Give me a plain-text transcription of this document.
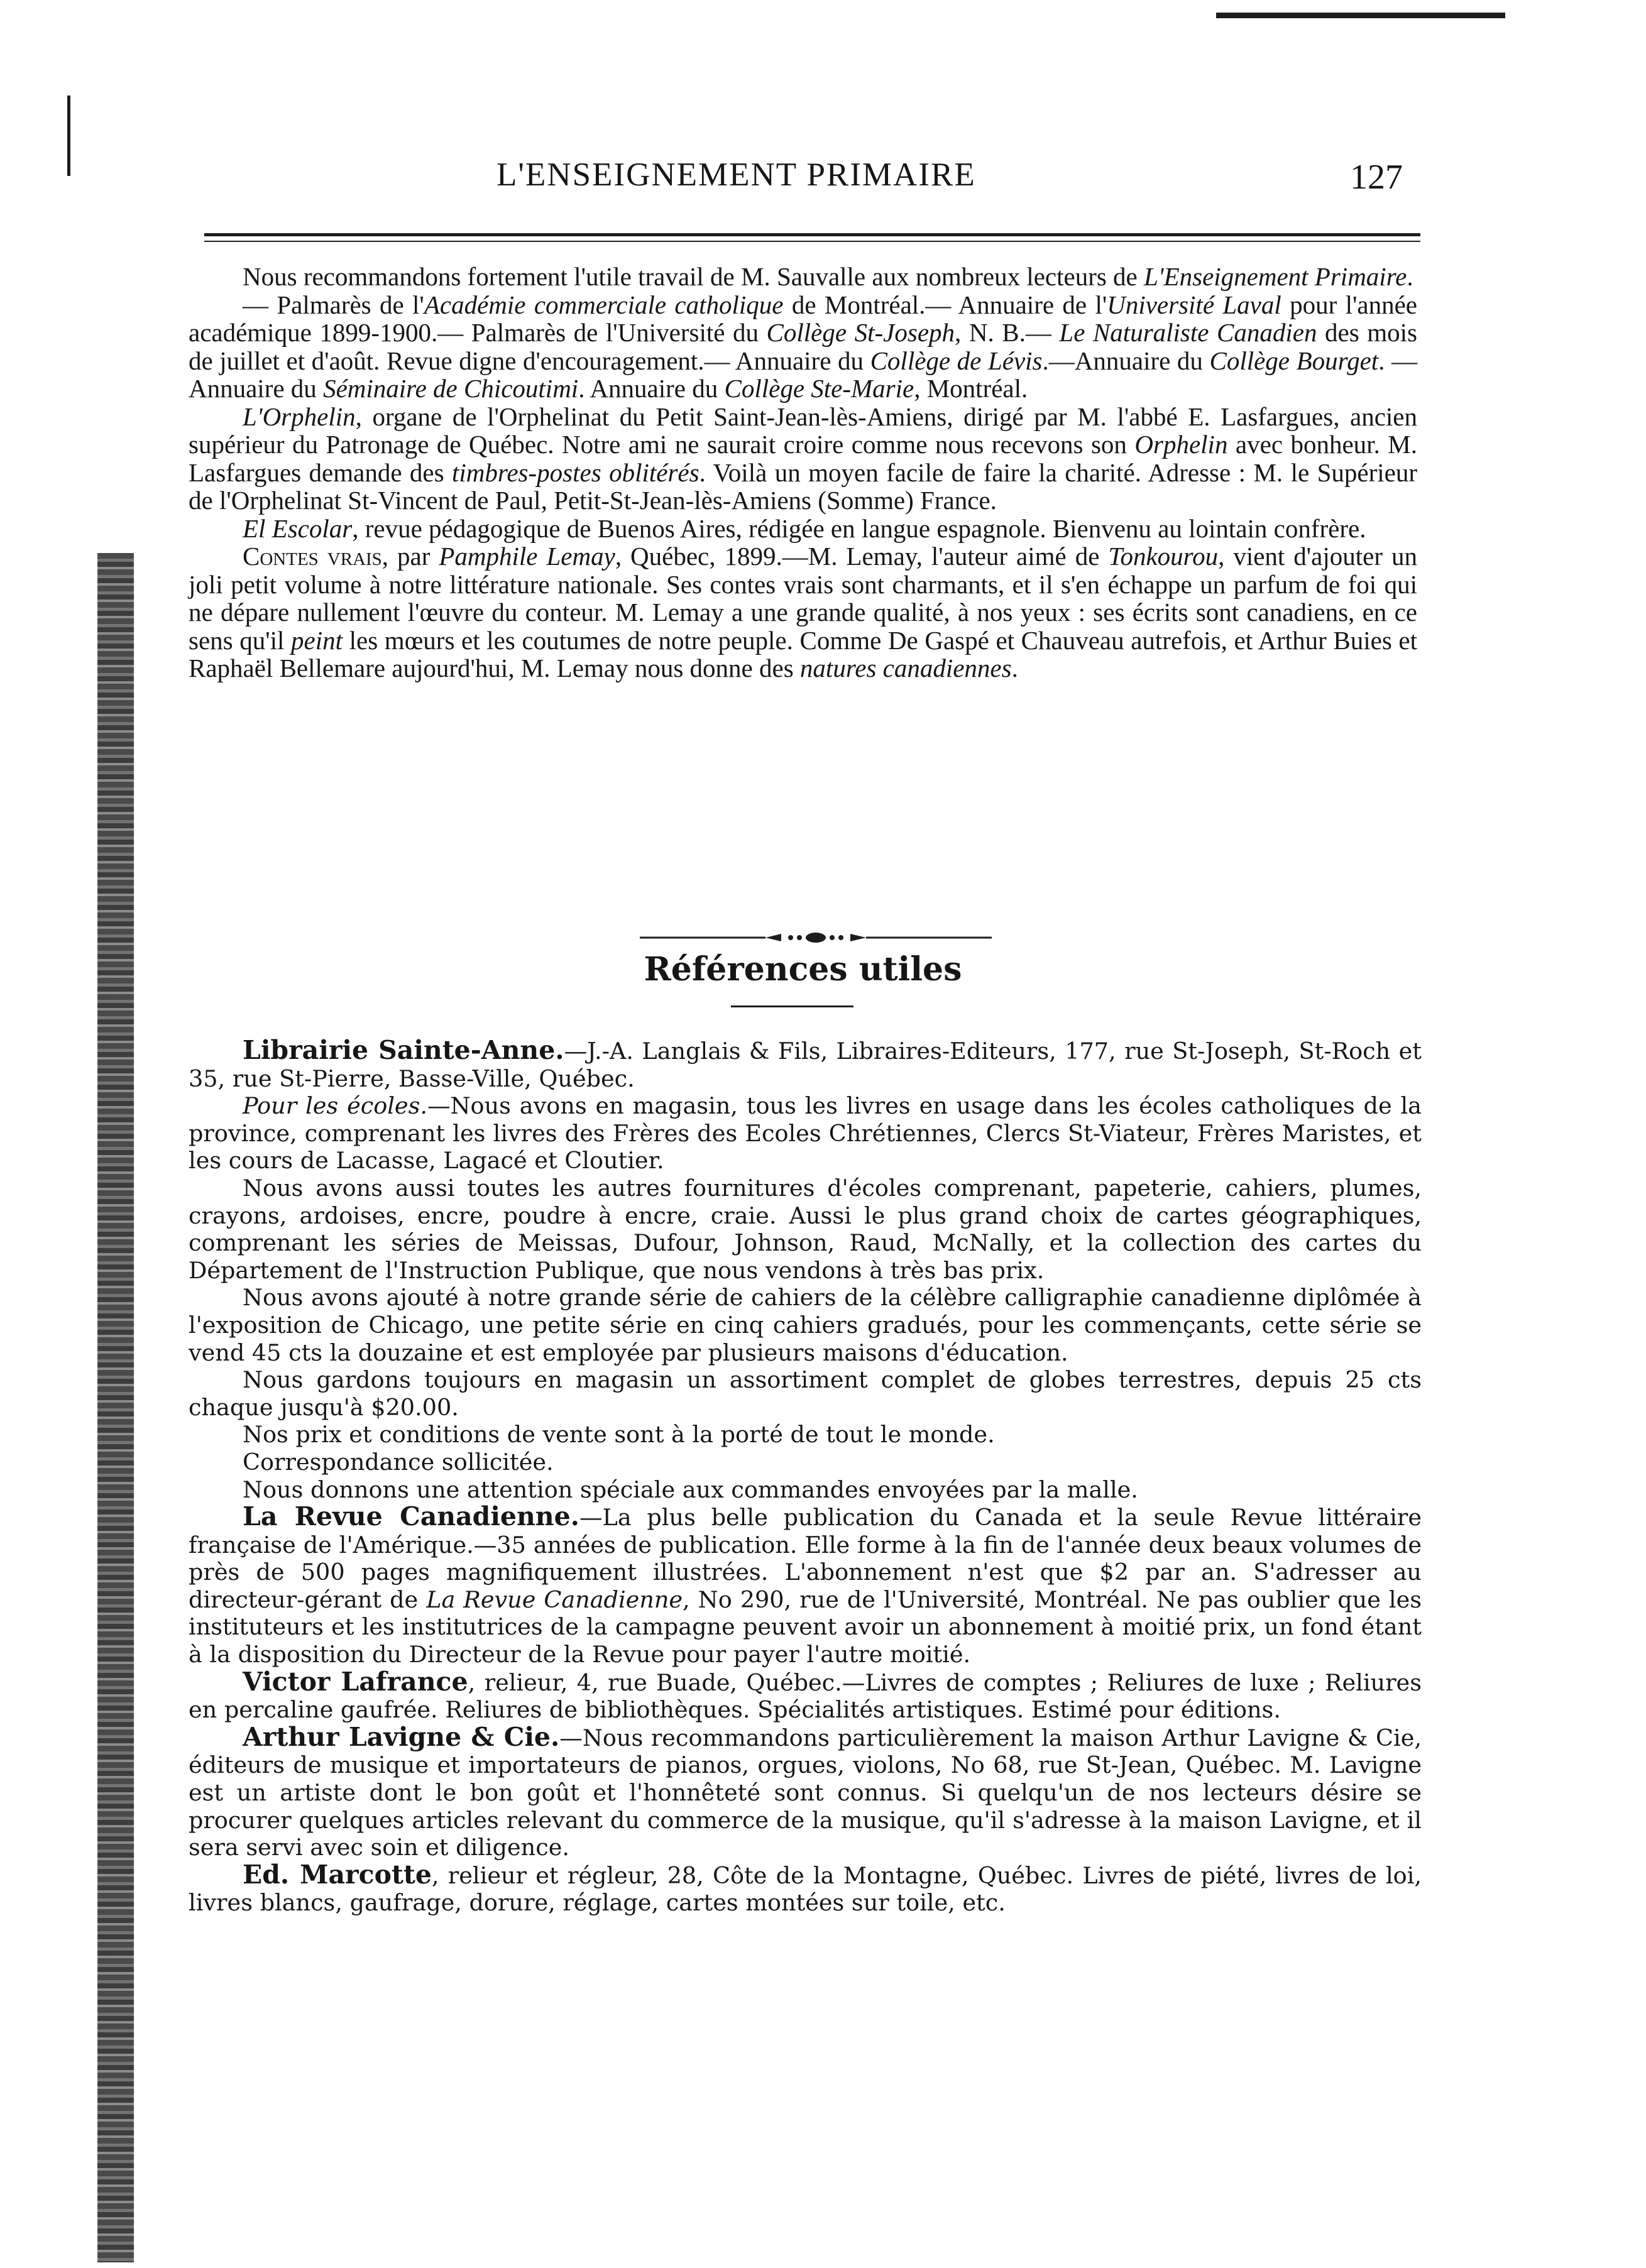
L'ENSEIGNEMENT PRIMAIRE	127

Nous recommandons fortement l'utile travail de M. Sauvalle aux nombreux lecteurs de L'Enseignement Primaire.

— Palmarès de l'Académie commerciale catholique de Montréal.— Annuaire de l'Université Laval pour l'année académique 1899-1900.— Palmarès de l'Université du Collège St-Joseph, N. B.— Le Naturaliste Canadien des mois de juillet et d'août. Revue digne d'encouragement.— Annuaire du Collège de Lévis.—Annuaire du Collège Bourget. —Annuaire du Séminaire de Chicoutimi. Annuaire du Collège Ste-Marie, Montréal.

L'Orphelin, organe de l'Orphelinat du Petit Saint-Jean-lès-Amiens, dirigé par M. l'abbé E. Lasfargues, ancien supérieur du Patronage de Québec. Notre ami ne saurait croire comme nous recevons son Orphelin avec bonheur. M. Lasfargues demande des timbres-postes oblitérés. Voilà un moyen facile de faire la charité. Adresse : M. le Supérieur de l'Orphelinat St-Vincent de Paul, Petit-St-Jean-lès-Amiens (Somme) France.

El Escolar, revue pédagogique de Buenos Aires, rédigée en langue espagnole. Bienvenu au lointain confrère.

Contes vrais, par Pamphile Lemay, Québec, 1899.—M. Lemay, l'auteur aimé de Tonkourou, vient d'ajouter un joli petit volume à notre littérature nationale. Ses contes vrais sont charmants, et il s'en échappe un parfum de foi qui ne dépare nullement l'œuvre du conteur. M. Lemay a une grande qualité, à nos yeux : ses écrits sont canadiens, en ce sens qu'il peint les mœurs et les coutumes de notre peuple. Comme De Gaspé et Chauveau autrefois, et Arthur Buies et Raphaël Bellemare aujourd'hui, M. Lemay nous donne des natures canadiennes.

Références utiles

Librairie Sainte-Anne.—J.-A. Langlais & Fils, Libraires-Editeurs, 177, rue St-Joseph, St-Roch et 35, rue St-Pierre, Basse-Ville, Québec.

Pour les écoles.—Nous avons en magasin, tous les livres en usage dans les écoles catholiques de la province, comprenant les livres des Frères des Ecoles Chrétiennes, Clercs St-Viateur, Frères Maristes, et les cours de Lacasse, Lagacé et Cloutier.

Nous avons aussi toutes les autres fournitures d'écoles comprenant, papeterie, cahiers, plumes, crayons, ardoises, encre, poudre à encre, craie. Aussi le plus grand choix de cartes géographiques, comprenant les séries de Meissas, Dufour, Johnson, Raud, McNally, et la collection des cartes du Département de l'Instruction Publique, que nous vendons à très bas prix.

Nous avons ajouté à notre grande série de cahiers de la célèbre calligraphie canadienne diplômée à l'exposition de Chicago, une petite série en cinq cahiers gradués, pour les commençants, cette série se vend 45 cts la douzaine et est employée par plusieurs maisons d'éducation.

Nous gardons toujours en magasin un assortiment complet de globes terrestres, depuis 25 cts chaque jusqu'à $20.00.

Nos prix et conditions de vente sont à la porté de tout le monde.

Correspondance sollicitée.

Nous donnons une attention spéciale aux commandes envoyées par la malle.

La Revue Canadienne.—La plus belle publication du Canada et la seule Revue littéraire française de l'Amérique.—35 années de publication. Elle forme à la fin de l'année deux beaux volumes de près de 500 pages magnifiquement illustrées. L'abonnement n'est que $2 par an. S'adresser au directeur-gérant de La Revue Canadienne, No 290, rue de l'Université, Montréal. Ne pas oublier que les instituteurs et les institutrices de la campagne peuvent avoir un abonnement à moitié prix, un fond étant à la disposition du Directeur de la Revue pour payer l'autre moitié.

Victor Lafrance, relieur, 4, rue Buade, Québec.—Livres de comptes ; Reliures de luxe ; Reliures en percaline gaufrée. Reliures de bibliothèques. Spécialités artistiques. Estimé pour éditions.

Arthur Lavigne & Cie.—Nous recommandons particulièrement la maison Arthur Lavigne & Cie, éditeurs de musique et importateurs de pianos, orgues, violons, No 68, rue St-Jean, Québec. M. Lavigne est un artiste dont le bon goût et l'honnêteté sont connus. Si quelqu'un de nos lecteurs désire se procurer quelques articles relevant du commerce de la musique, qu'il s'adresse à la maison Lavigne, et il sera servi avec soin et diligence.

Ed. Marcotte, relieur et régleur, 28, Côte de la Montagne, Québec. Livres de piété, livres de loi, livres blancs, gaufrage, dorure, réglage, cartes montées sur toile, etc.
